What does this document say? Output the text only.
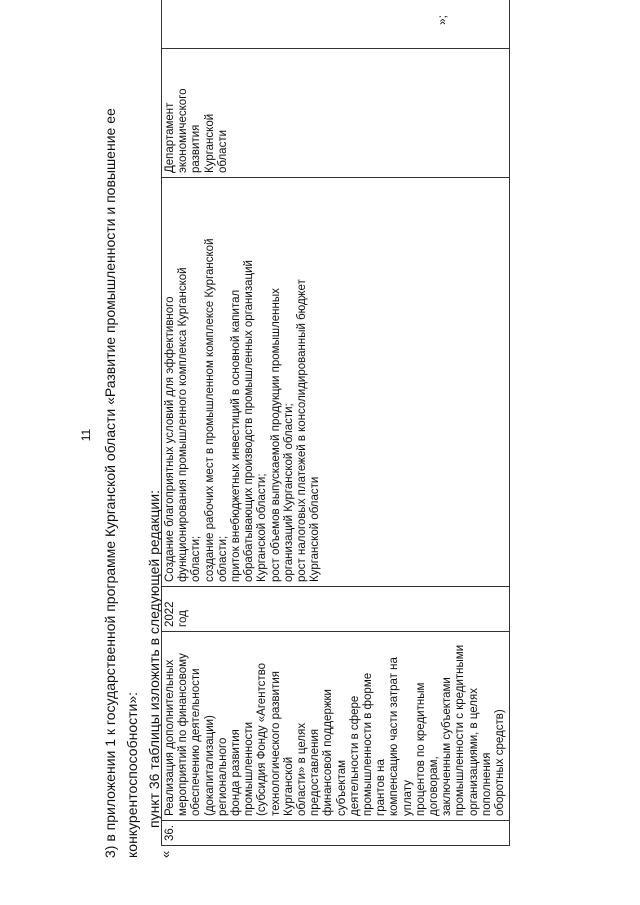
11 3) в приложении 1 к государственной программе Курганской области «Развитие промышленности и повышение ее конкурентоспособности»: пункт 36 таблицы изложить в следующей редакции:

«
36.	Реализация дополнительных
мероприятий по финансовому
обеспечению деятельности
(докапитализации) регионального
фонда развития промышленности
(субсидия Фонду «Агентство
технологического развития Курганской
области» в целях предоставления
финансовой поддержки субъектам
деятельности в сфере
промышленности в форме грантов на
компенсацию части затрат на уплату
процентов по кредитным договорам,
заключенным субъектами
промышленности с кредитными
организациями, в целях пополнения
оборотных средств)	2022
год	Создание благоприятных условий для эффективного
функционирования промышленного комплекса Курганской
области;
создание рабочих мест в промышленном комплексе Курганской
области;
приток внебюджетных инвестиций в основной капитал
обрабатывающих производств промышленных организаций
Курганской области;
рост объемов выпускаемой продукции промышленных
организаций Курганской области;
рост налоговых платежей в консолидированный бюджет
Курганской области	Департамент
экономического
развития
Курганской
области	
»;
